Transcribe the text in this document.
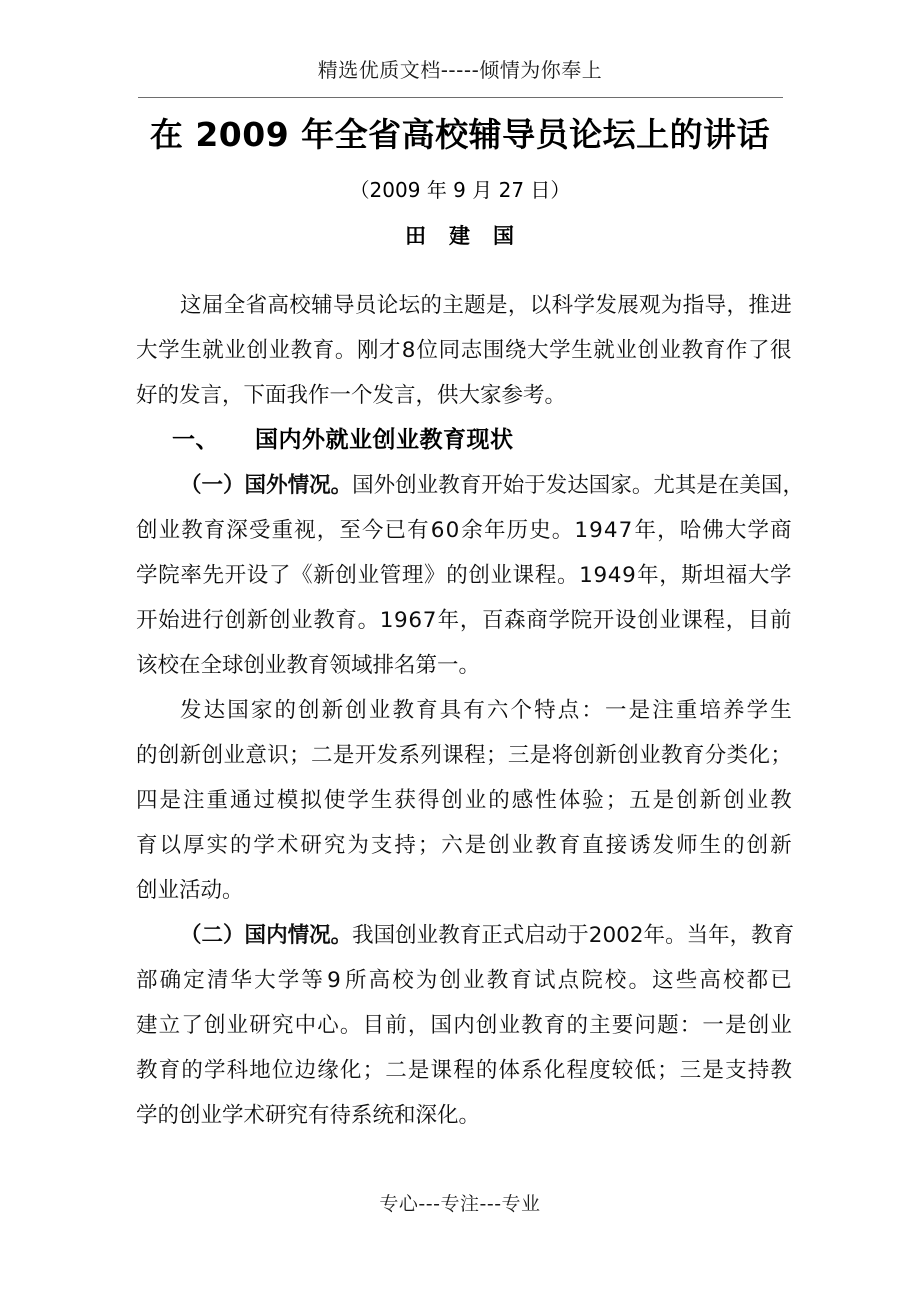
精选优质文档-----倾情为你奉上
在 2009 年全省高校辅导员论坛上的讲话
（2009 年 9 月 27 日）
田　建　国
这 届 全 省 高 校 辅 导 员 论 坛 的 主 题 是 ， 以 科 学 发 展 观 为 指 导 ， 推 进
大 学 生 就 业 创 业 教 育 。 刚 才 8 位 同 志 围 绕 大 学 生 就 业 创 业 教 育 作 了 很
好的发言，下面我作一个发言，供大家参考。
一、 国内外就业创业教育现状
（ 一 ） 国 外 情 况 。 国 外 创 业 教 育 开 始 于 发 达 国 家 。 尤 其 是 在 美 国 ，
创 业 教 育 深 受 重 视 ， 至 今 已 有 6 0 余 年 历 史 。 1 9 4 7 年 ， 哈 佛 大 学 商
学 院 率 先 开 设 了 《 新 创 业 管 理 》 的 创 业 课 程 。 1 9 4 9 年 ， 斯 坦 福 大 学
开 始 进 行 创 新 创 业 教 育 。 1 9 6 7 年 ， 百 森 商 学 院 开 设 创 业 课 程 ， 目 前
该校在全球创业教育领域排名第一。
发 达 国 家 的 创 新 创 业 教 育 具 有 六 个 特 点 ： 一 是 注 重 培 养 学 生
的 创 新 创 业 意 识 ； 二 是 开 发 系 列 课 程 ； 三 是 将 创 新 创 业 教 育 分 类 化 ；
四 是 注 重 通 过 模 拟 使 学 生 获 得 创 业 的 感 性 体 验 ； 五 是 创 新 创 业 教
育 以 厚 实 的 学 术 研 究 为 支 持 ； 六 是 创 业 教 育 直 接 诱 发 师 生 的 创 新
创业活动。
（ 二 ） 国 内 情 况 。 我 国 创 业 教 育 正 式 启 动 于 2 0 0 2 年 。 当 年 ， 教 育
部 确 定 清 华 大 学 等 9 所 高 校 为 创 业 教 育 试 点 院 校 。 这 些 高 校 都 已
建 立 了 创 业 研 究 中 心 。 目 前 ， 国 内 创 业 教 育 的 主 要 问 题 ： 一 是 创 业
教 育 的 学 科 地 位 边 缘 化 ； 二 是 课 程 的 体 系 化 程 度 较 低 ； 三 是 支 持 教
学的创业学术研究有待系统和深化。
专心---专注---专业
